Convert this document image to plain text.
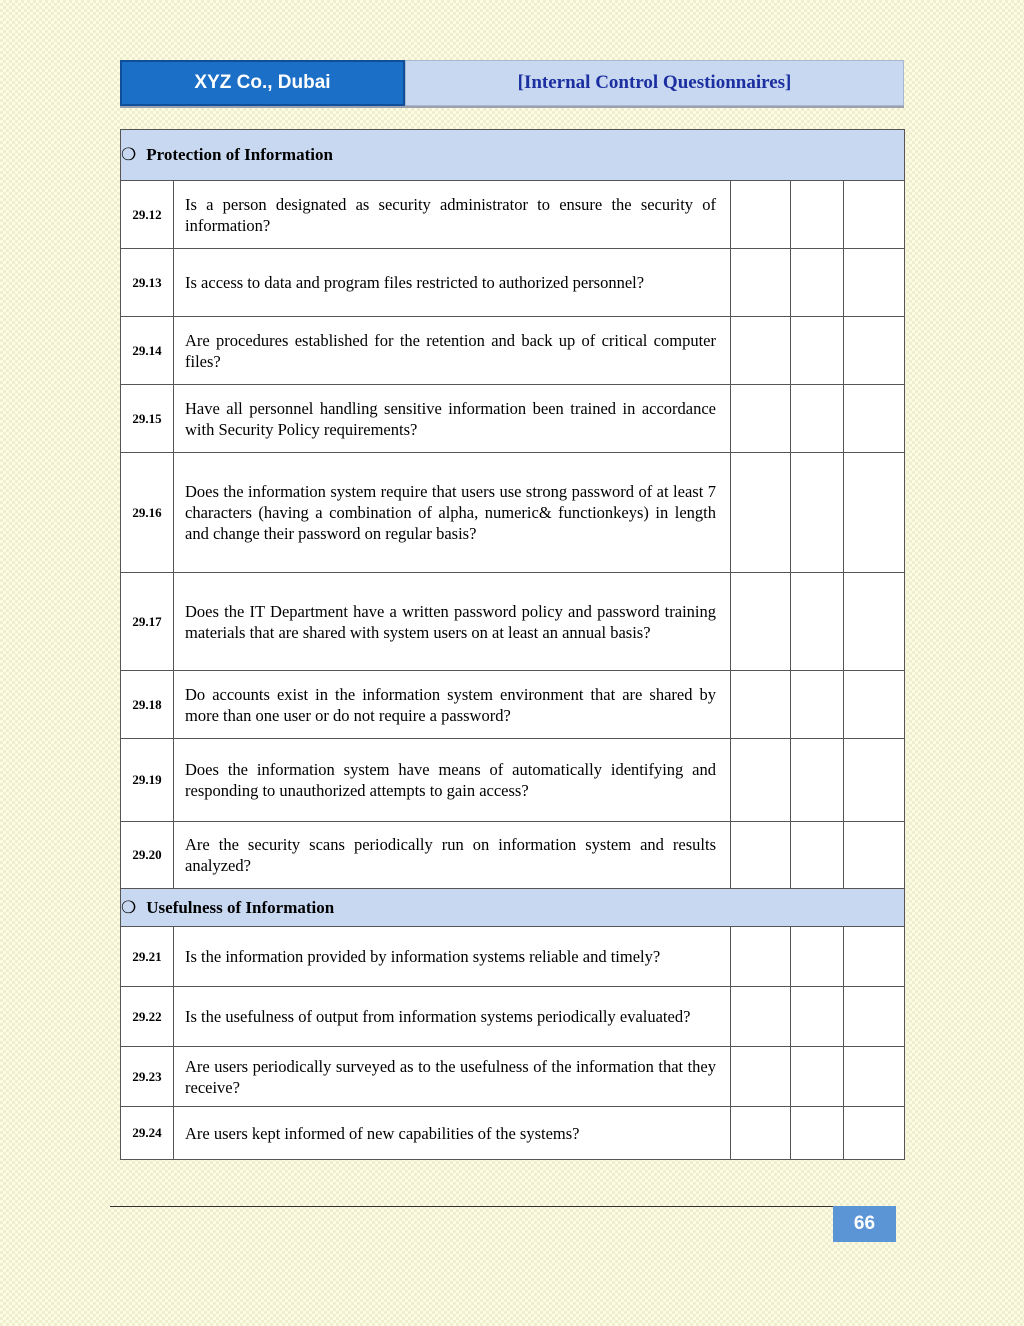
XYZ Co., Dubai	[Internal Control Questionnaires]
❍ Protection of Information				
29.12	Is a person designated as security administrator to ensure the security of information?			
29.13	Is access to data and program files restricted to authorized personnel?			
29.14	Are procedures established for the retention and back up of critical computer files?			
29.15	Have all personnel handling sensitive information been trained in accordance with Security Policy requirements?			
29.16	Does the information system require that users use strong password of at least 7 characters (having a combination of alpha, numeric& functionkeys) in length and change their password on regular basis?			
29.17	Does the IT Department have a written password policy and password training materials that are shared with system users on at least an annual basis?			
29.18	Do accounts exist in the information system environment that are shared by more than one user or do not require a password?			
29.19	Does the information system have means of automatically identifying and responding to unauthorized attempts to gain access?			
29.20	Are the security scans periodically run on information system and results analyzed?			
❍ Usefulness of Information				
29.21	Is the information provided by information systems reliable and timely?			
29.22	Is the usefulness of output from information systems periodically evaluated?			
29.23	Are users periodically surveyed as to the usefulness of the information that they receive?			
29.24	Are users kept informed of new capabilities of the systems?			
66
